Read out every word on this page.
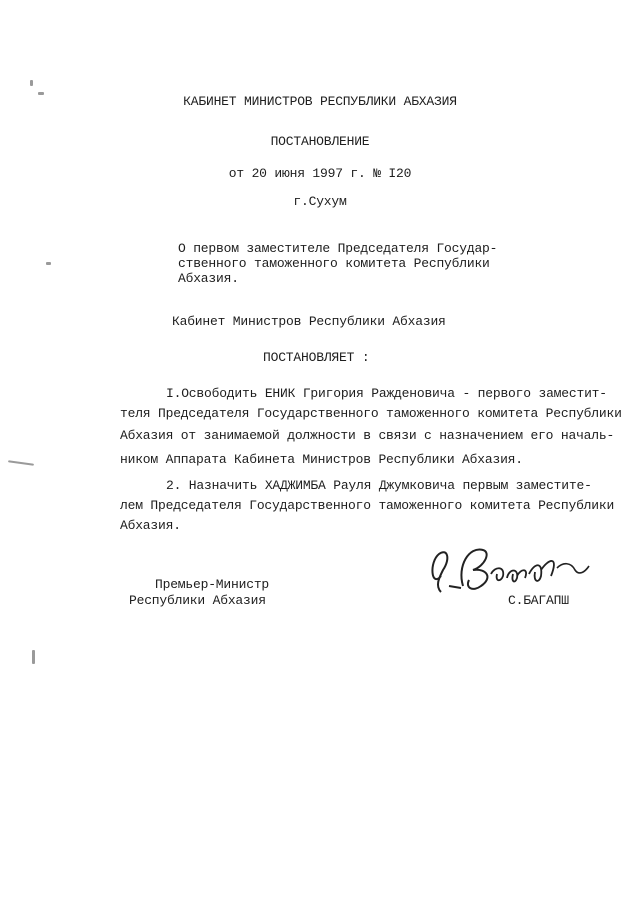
КАБИНЕТ МИНИСТРОВ РЕСПУБЛИКИ АБХАЗИЯ
ПОСТАНОВЛЕНИЕ
от 20 июня 1997 г. № I20
г.Сухум
О первом заместителе Председателя Государ-
ственного таможенного комитета Республики
Абхазия.
Кабинет Министров Республики Абхазия
ПОСТАНОВЛЯЕТ :
I.Освободить ЕНИК Григория Ражденовича - первого заместит-
теля Председателя Государственного таможенного комитета Республики
Абхазия от занимаемой должности в связи с назначением его началь-
ником Аппарата Кабинета Министров Республики Абхазия.
2. Назначить ХАДЖИМБА Рауля Джумковича первым заместите-
лем Председателя Государственного таможенного комитета Республики
Абхазия.
Премьер-Министр
Республики Абхазия	С.БАГАПШ
